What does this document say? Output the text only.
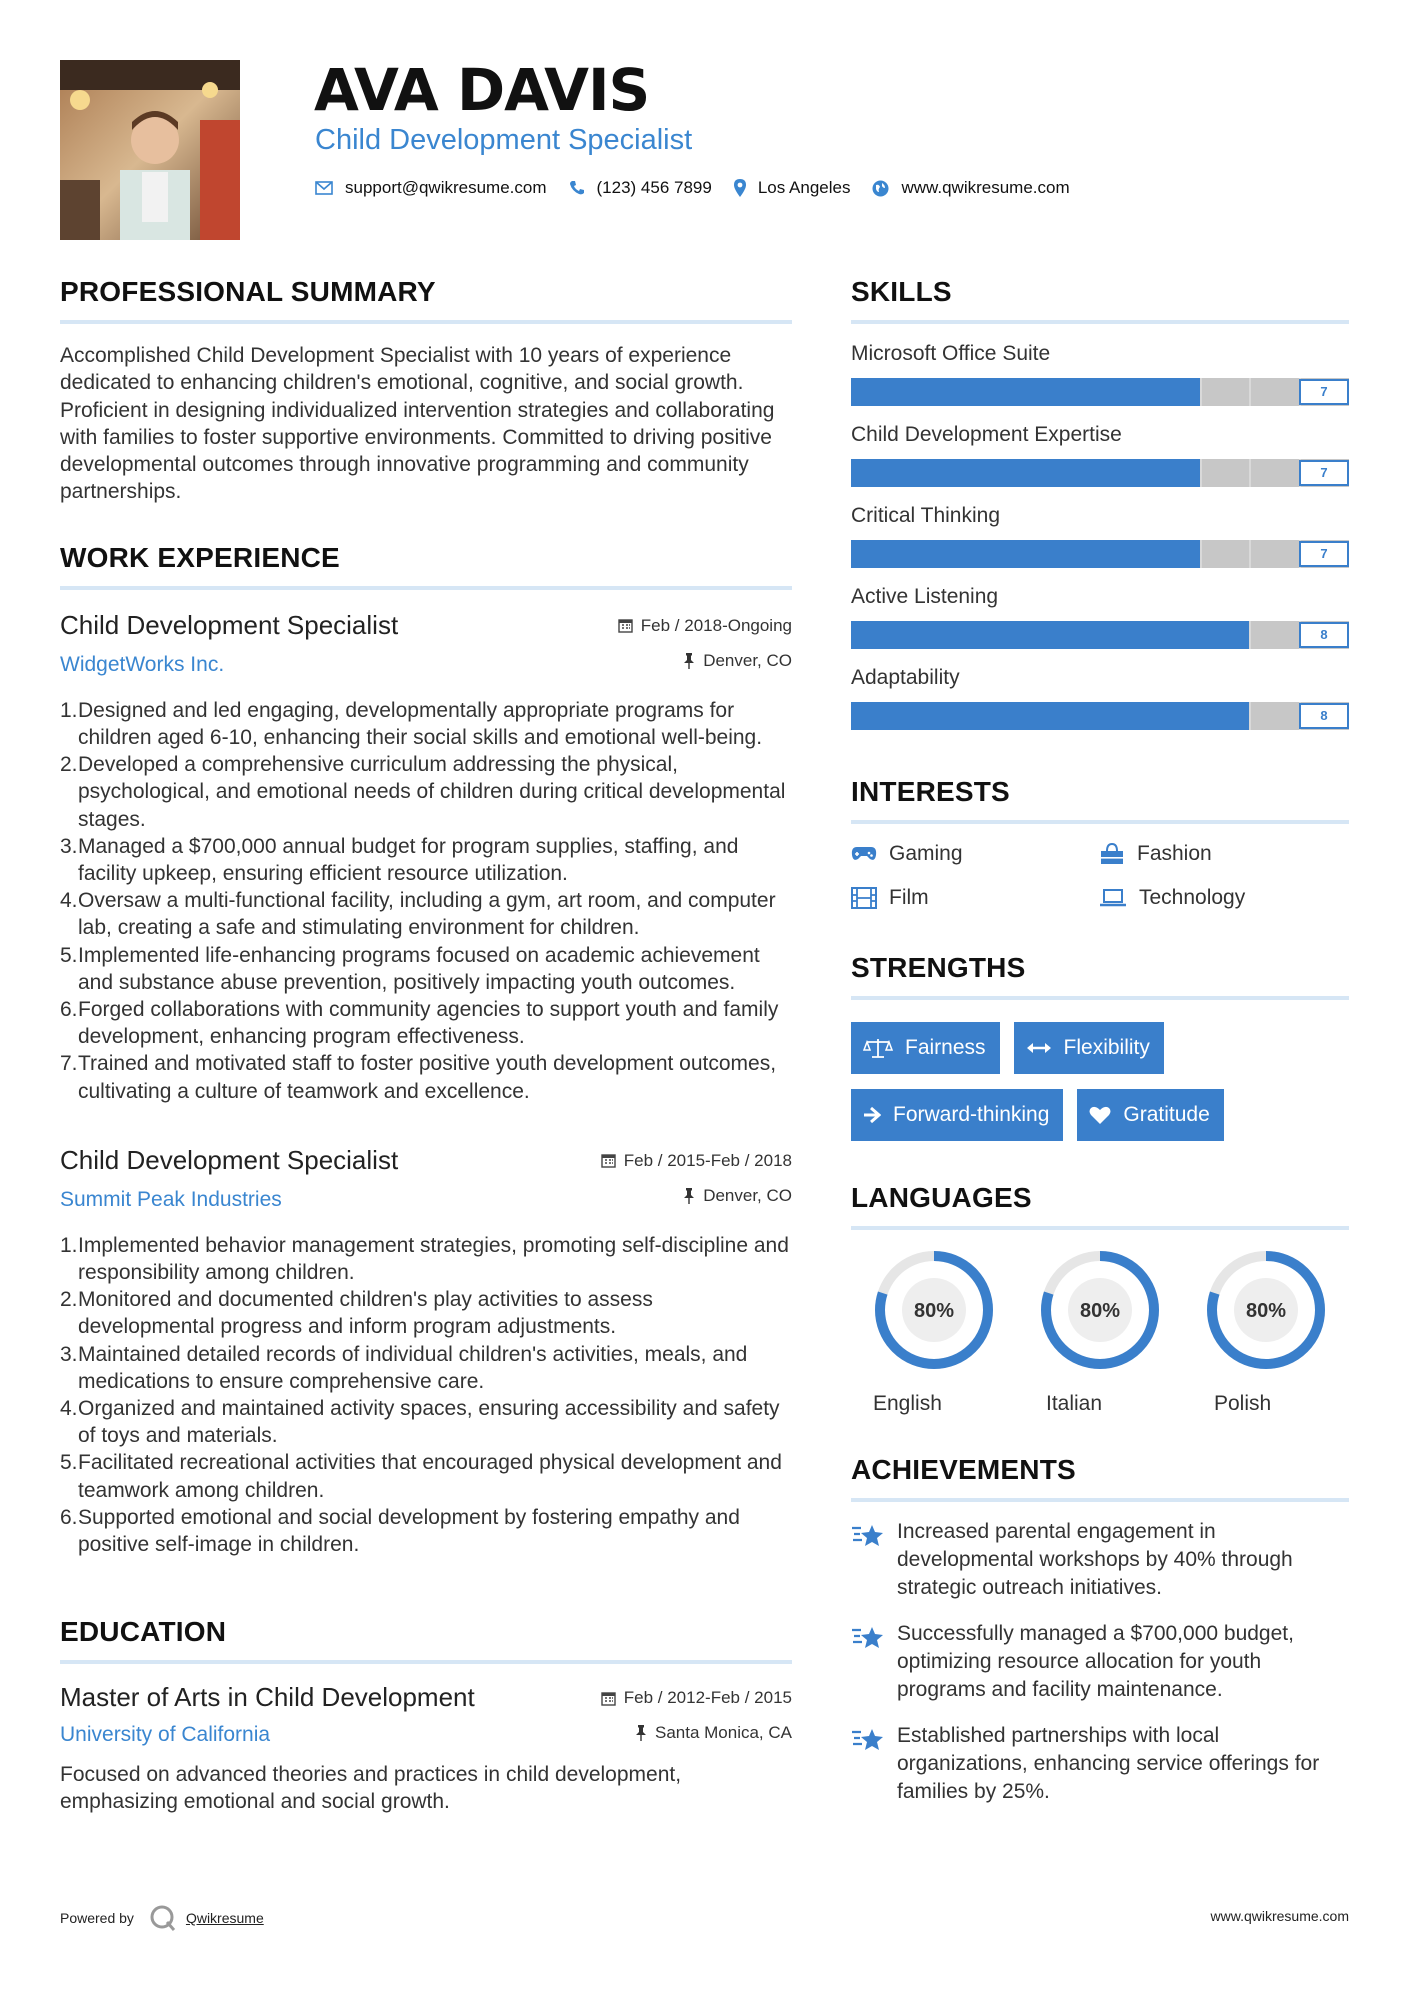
AVA DAVIS
Child Development Specialist
support@qwikresume.com	(123) 456 7899	Los Angeles	www.qwikresume.com
PROFESSIONAL SUMMARY
Accomplished Child Development Specialist with 10 years of experience dedicated to enhancing children's emotional, cognitive, and social growth. Proficient in designing individualized intervention strategies and collaborating with families to foster supportive environments. Committed to driving positive developmental outcomes through innovative programming and community partnerships.
WORK EXPERIENCE
Child Development Specialist
WidgetWorks Inc.
Feb / 2018-Ongoing
Denver, CO
1. Designed and led engaging, developmentally appropriate programs for children aged 6-10, enhancing their social skills and emotional well-being.
2. Developed a comprehensive curriculum addressing the physical, psychological, and emotional needs of children during critical developmental stages.
3. Managed a $700,000 annual budget for program supplies, staffing, and facility upkeep, ensuring efficient resource utilization.
4. Oversaw a multi-functional facility, including a gym, art room, and computer lab, creating a safe and stimulating environment for children.
5. Implemented life-enhancing programs focused on academic achievement and substance abuse prevention, positively impacting youth outcomes.
6. Forged collaborations with community agencies to support youth and family development, enhancing program effectiveness.
7. Trained and motivated staff to foster positive youth development outcomes, cultivating a culture of teamwork and excellence.
Child Development Specialist
Summit Peak Industries
Feb / 2015-Feb / 2018
Denver, CO
1. Implemented behavior management strategies, promoting self-discipline and responsibility among children.
2. Monitored and documented children's play activities to assess developmental progress and inform program adjustments.
3. Maintained detailed records of individual children's activities, meals, and medications to ensure comprehensive care.
4. Organized and maintained activity spaces, ensuring accessibility and safety of toys and materials.
5. Facilitated recreational activities that encouraged physical development and teamwork among children.
6. Supported emotional and social development by fostering empathy and positive self-image in children.
EDUCATION
Master of Arts in Child Development
University of California
Feb / 2012-Feb / 2015
Santa Monica, CA
Focused on advanced theories and practices in child development, emphasizing emotional and social growth.
SKILLS
Microsoft Office Suite
7
Child Development Expertise
7
Critical Thinking
7
Active Listening
8
Adaptability
8
INTERESTS
Gaming	Fashion
Film	Technology
STRENGTHS
Fairness	Flexibility
Forward-thinking	Gratitude
LANGUAGES
80%
English
80%
Italian
80%
Polish
ACHIEVEMENTS
Increased parental engagement in developmental workshops by 40% through strategic outreach initiatives.
Successfully managed a $700,000 budget, optimizing resource allocation for youth programs and facility maintenance.
Established partnerships with local organizations, enhancing service offerings for families by 25%.
Powered by	Qwikresume	www.qwikresume.com
